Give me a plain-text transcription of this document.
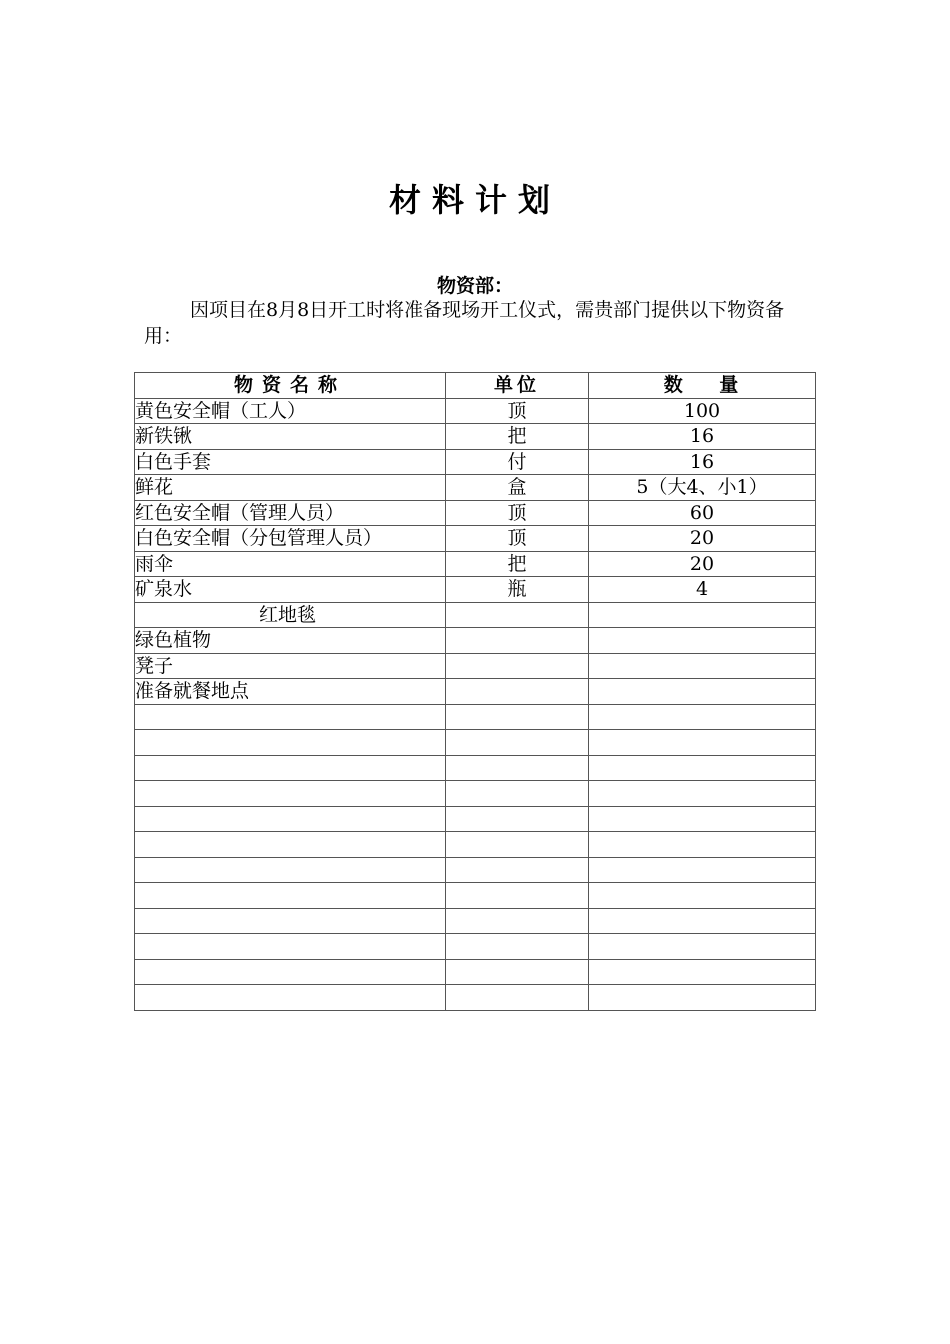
材料计划
物资部：
因项目在8月8日开工时将准备现场开工仪式，需贵部门提供以下物资备用：
物资名称	单位	数    量
黄色安全帽（工人）	顶	100
新铁锹	把	16
白色手套	付	16
鲜花	盒	5（大4、小1）
红色安全帽（管理人员）	顶	60
白色安全帽（分包管理人员）	顶	20
雨伞	把	20
矿泉水	瓶	4
红地毯		
绿色植物		
凳子		
准备就餐地点		
